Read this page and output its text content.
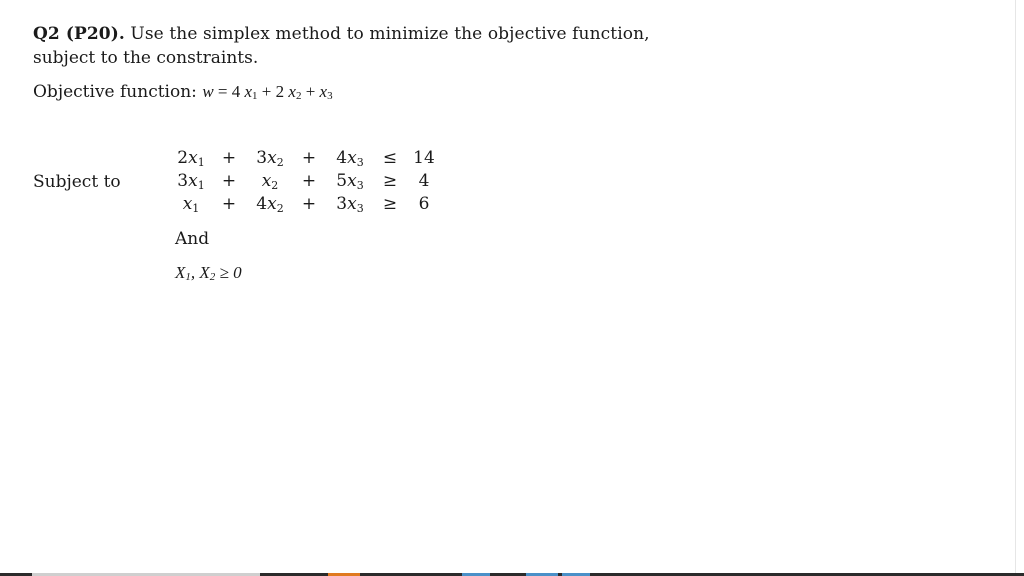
Q2 (P20). Use the simplex method to minimize the objective function,
subject to the constraints.
Objective function: w = 4 x1 + 2 x2 + x3
Subject to
2x1	+	3x2	+	4x3	≤ 14
3x1	+	x2	+	5x3	≥	4
x1	+	4x2	+	3x3	≥	6
And
X1, X2 ≥ 0
